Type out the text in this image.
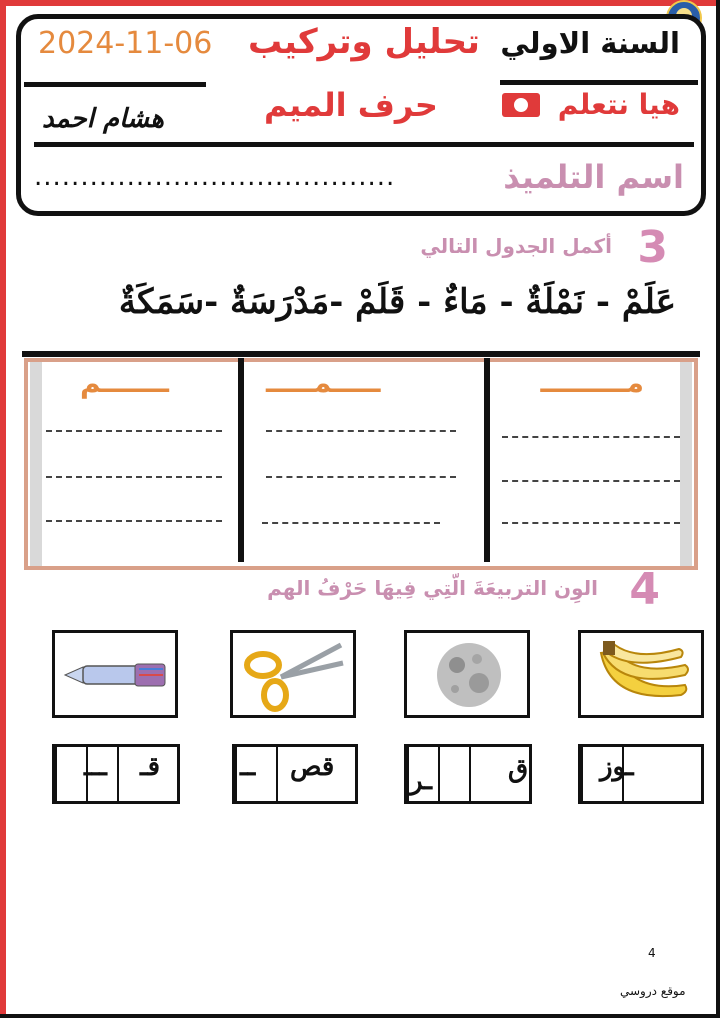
السنة الاولي
تحليل وتركيب
2024-11-06
هيا نتعلم
حرف الميم
هشام احمد
اسم التلميذ
.......................................
3
أكمل الجدول التالي
عَلَمْ - نَمْلَةٌ - مَاءٌ - قَلَمْ -مَدْرَسَةٌ -سَمَكَةٌ
مـــــــــ
ـــــمـــــ
ـــــــم
4
الوِن التربيعَةَ الّتِي فِيهَا حَرْفُ الهم
ـوز
ق
ـر
قص
ــ
قـ
ـــ
4
موقع دروسي
